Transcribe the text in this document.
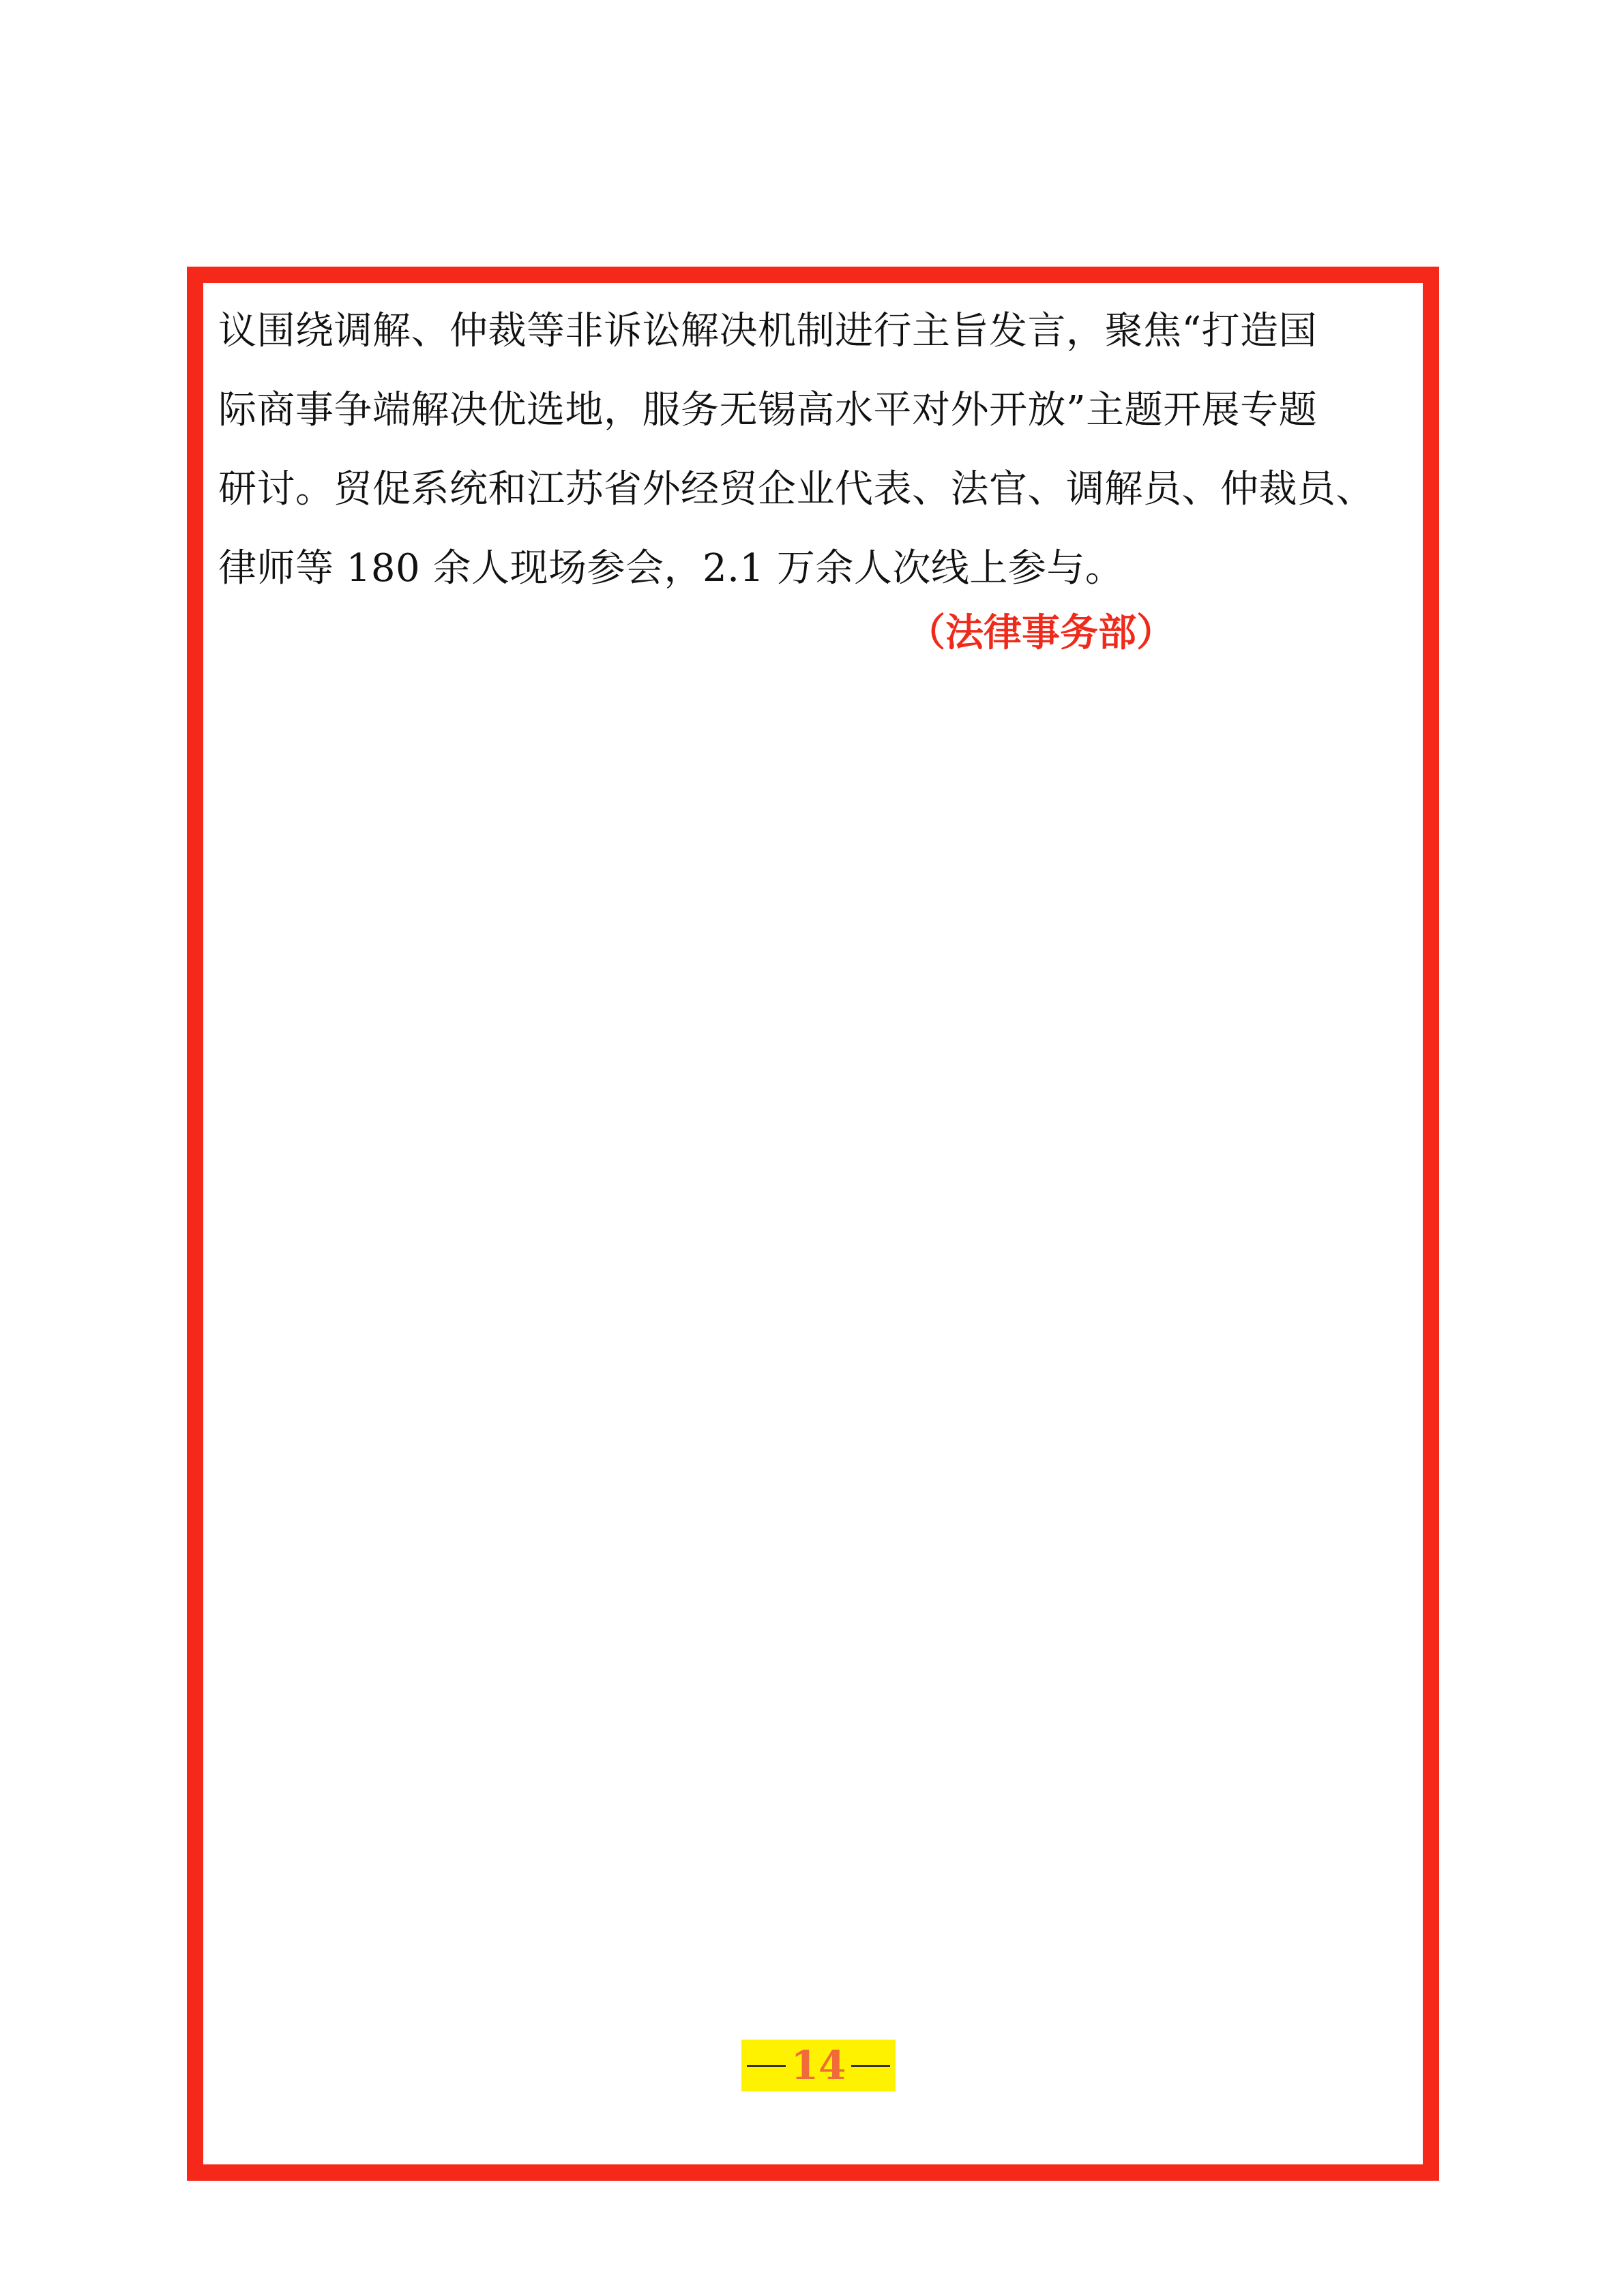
议围绕调解、仲裁等非诉讼解决机制进行主旨发言，聚焦“打造国
际商事争端解决优选地，服务无锡高水平对外开放”主题开展专题
研讨。贸促系统和江苏省外经贸企业代表、法官、调解员、仲裁员、
律师等 180 余人现场参会，2.1 万余人次线上参与。

（法律事务部）
14
